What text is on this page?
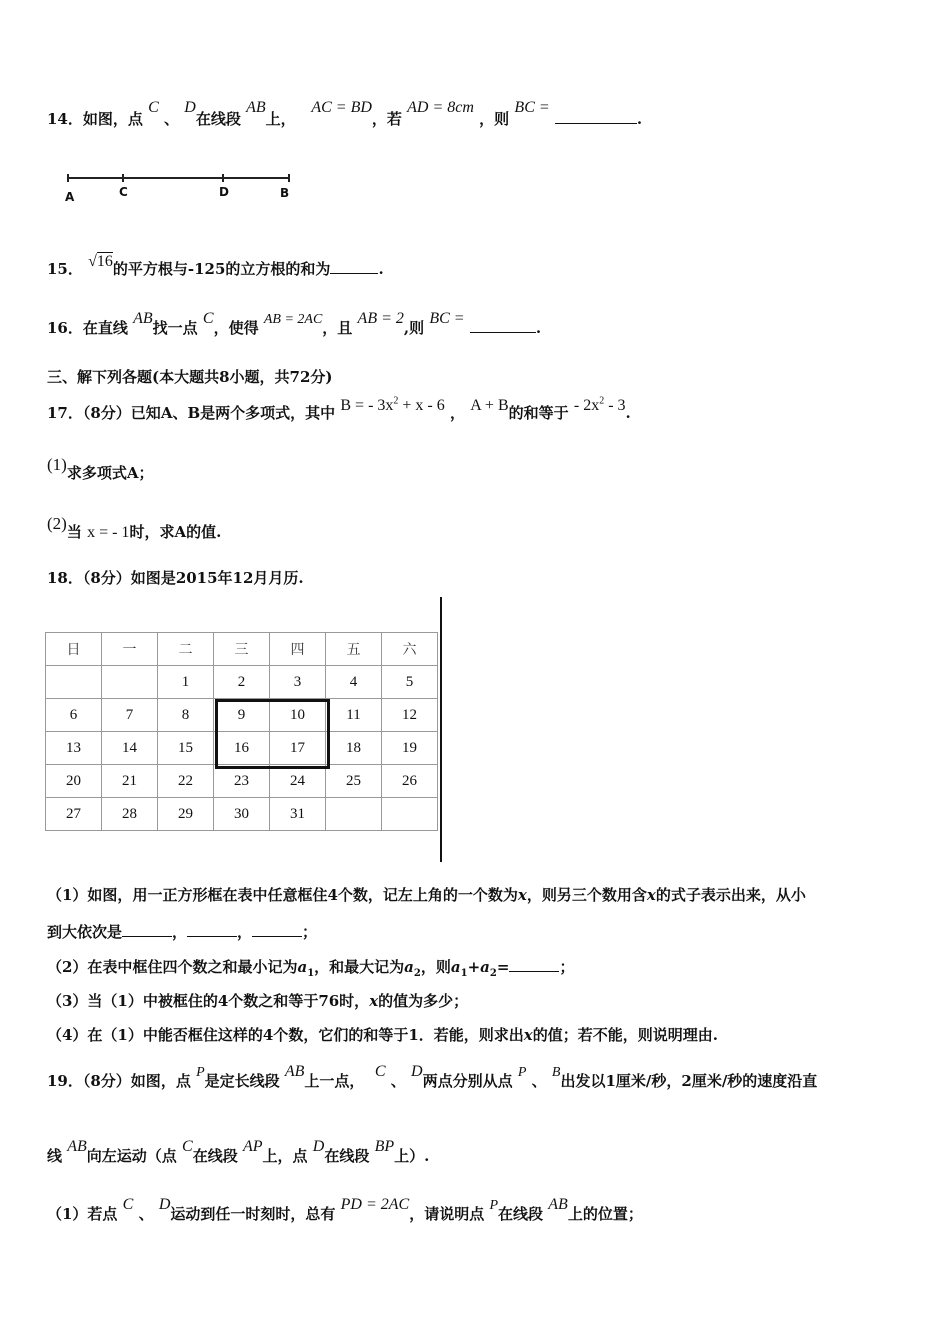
14．如图，点 C 、 D在线段 AB上，   AC = BD，若 AD = 8cm ，则 BC = .
A	C	D	B
15． √16的平方根与-125的立方根的和为	.
16．在直线 AB找一点 C，使得 AB = 2AC，且 AB = 2,则 BC = .
三、解下列各题(本大题共8小题，共72分)
17．（8分）已知A、B是两个多项式，其中 B = - $3x^2 + x - 6$ ， A + B的和等于 - $2x^2 - 3$.
(1)求多项式A；
(2)当 x = - 1时，求A的值.
18．（8分）如图是2015年12月月历.
日	一	二	三	四	五	六
		1	2	3	4	5
6	7	8	9	10	11	12
13	14	15	16	17	18	19
20	21	22	23	24	25	26
27	28	29	30	31		
（1）如图，用一正方形框在表中任意框住4个数，记左上角的一个数为x，则另三个数用含x的式子表示出来，从小
到大依次是	，	，	；
（2）在表中框住四个数之和最小记为$a_1$，和最大记为$a_2$，则$a_1+a_2=$	；
（3）当（1）中被框住的4个数之和等于76时，x的值为多少；
（4）在（1）中能否框住这样的4个数，它们的和等于1．若能，则求出x的值；若不能，则说明理由.
19．（8分）如图，点 P是定长线段 AB上一点，  C 、 D两点分别从点 P 、 B出发以1厘米/秒，2厘米/秒的速度沿直
线 AB向左运动（点 C在线段 AP上，点 D在线段 BP上）.
（1）若点 C 、 D运动到任一时刻时，总有 PD = 2AC，请说明点 P在线段 AB上的位置；
